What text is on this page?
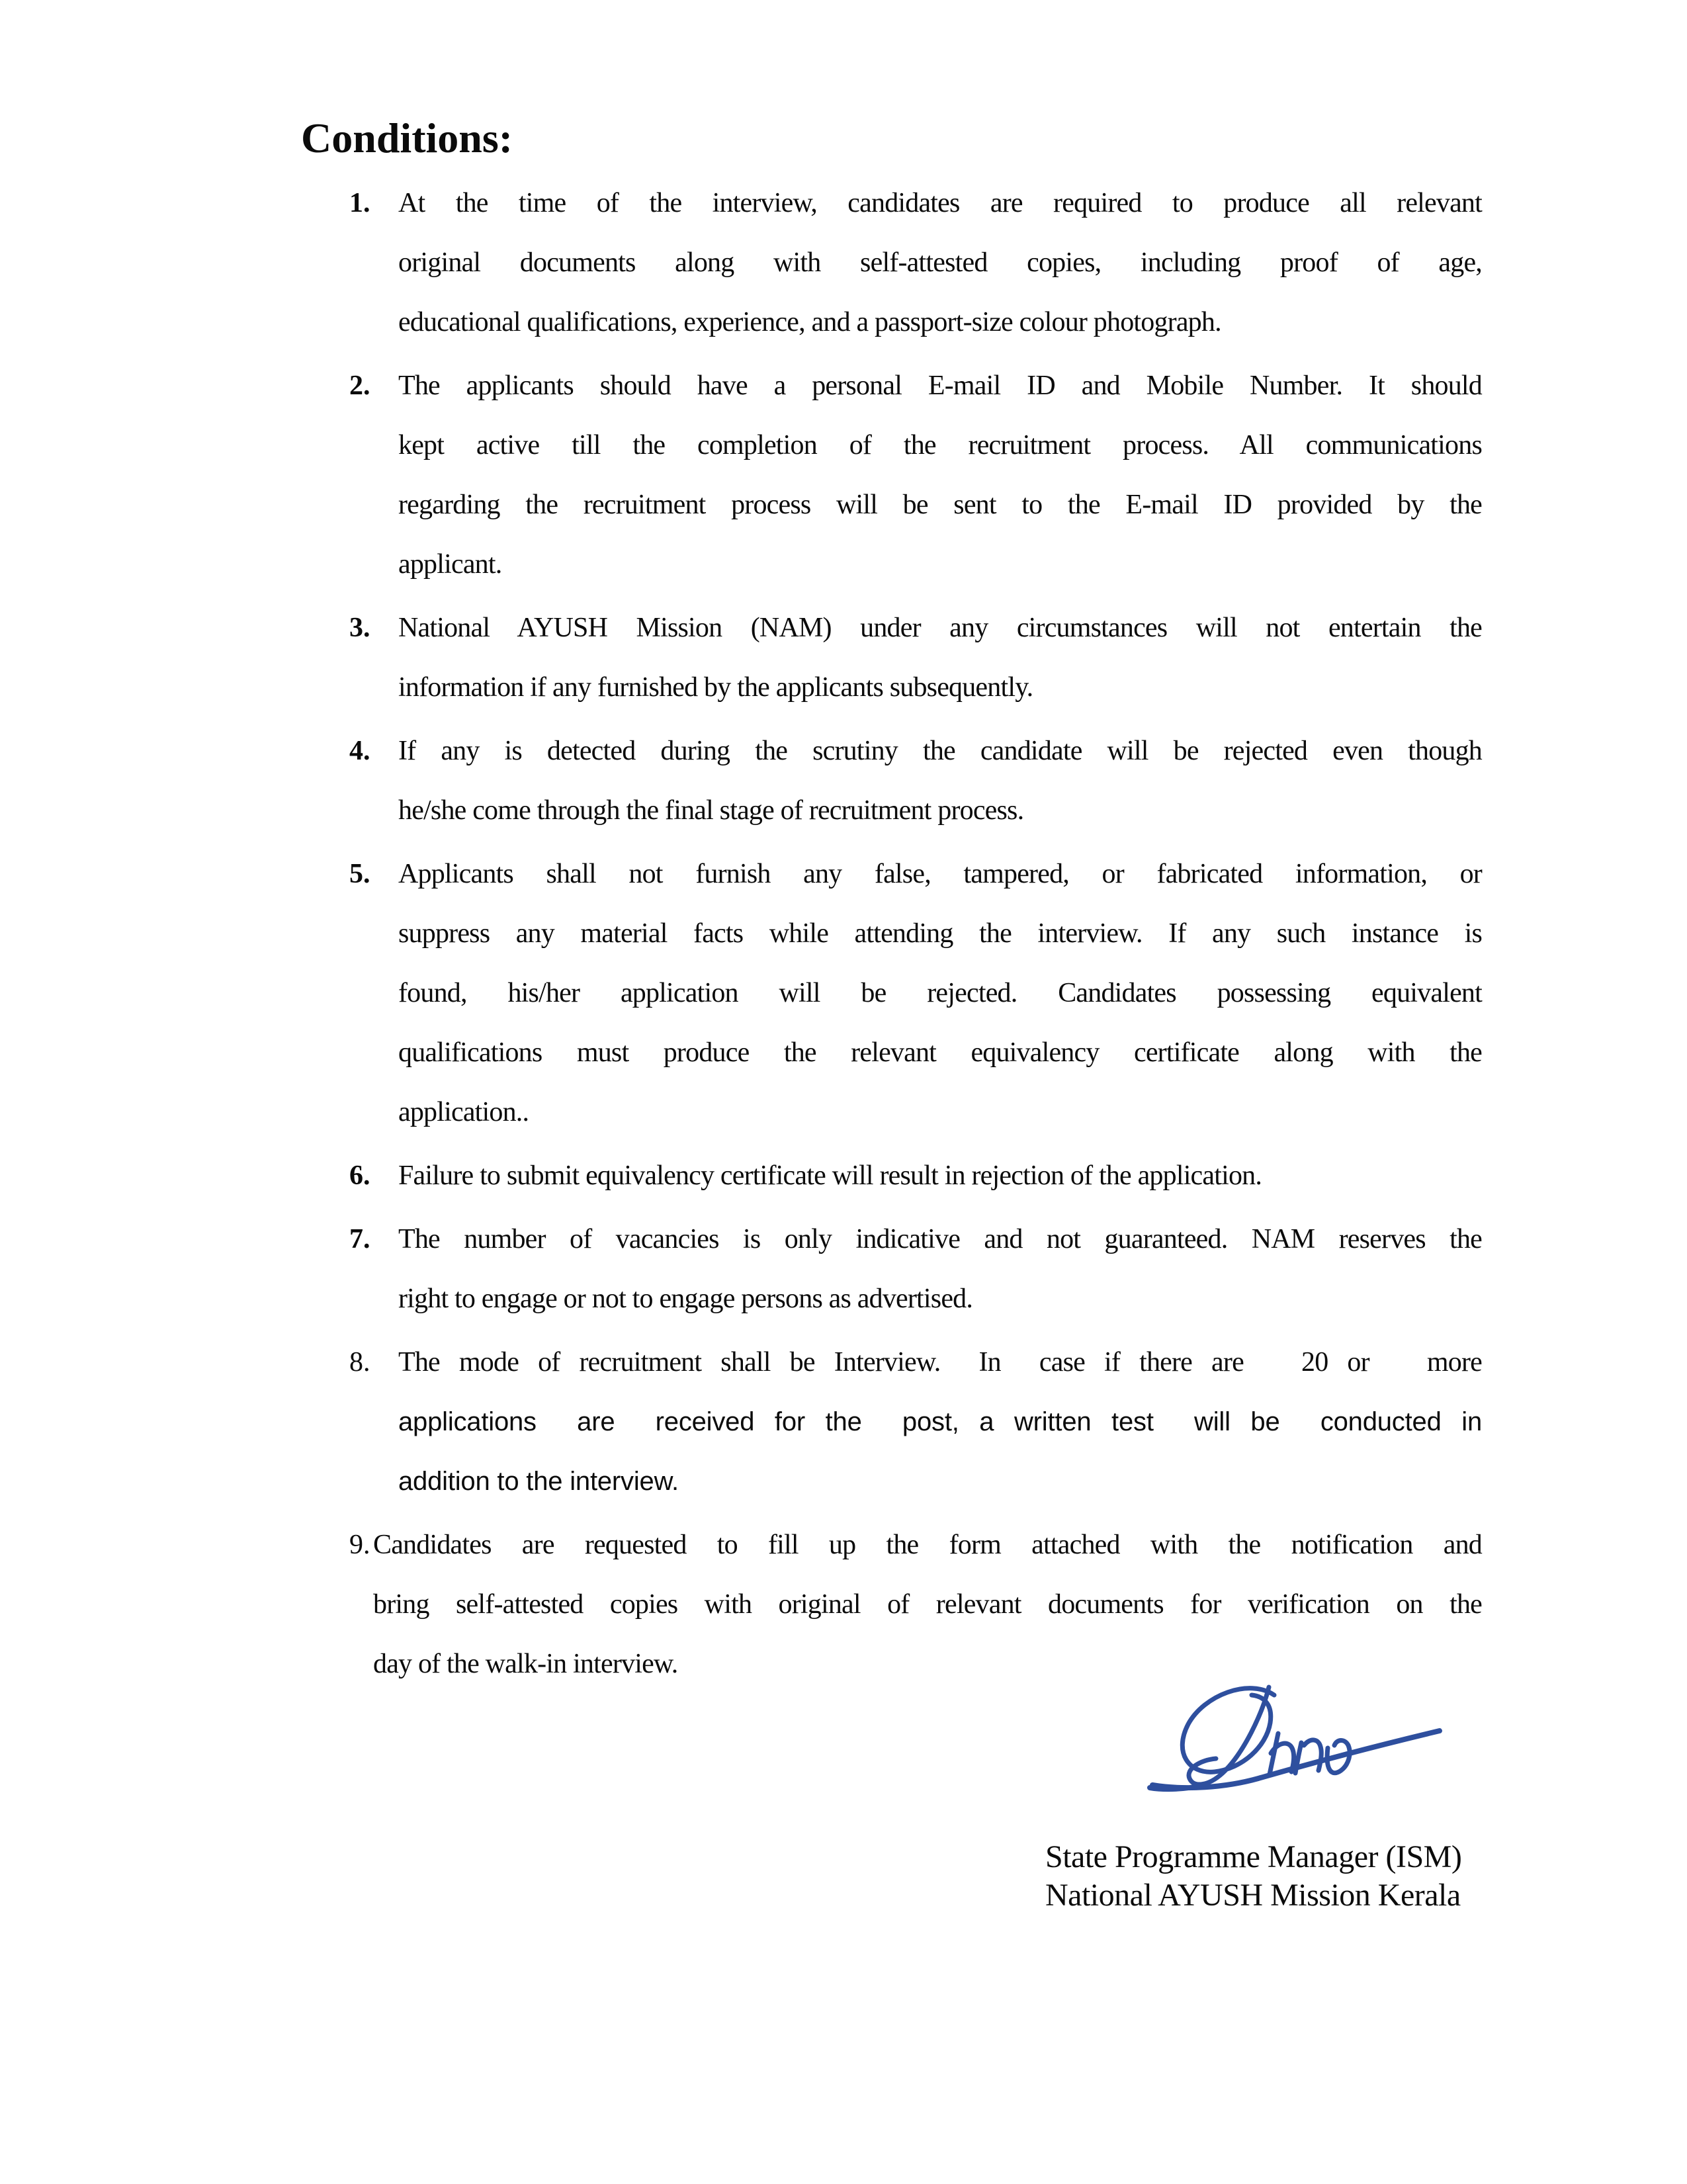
Conditions:
1.	At the time of the interview, candidates are required to produce all relevant
original documents along with self-attested copies, including proof of age,
educational qualifications, experience, and a passport-size colour photograph.
2.	The applicants should have a personal E-mail ID and Mobile Number. It should
kept active till the completion of the recruitment process. All communications
regarding the recruitment process will be sent to the E-mail ID provided by the
applicant.
3.	National AYUSH Mission (NAM) under any circumstances will not entertain the
information if any furnished by the applicants subsequently.
4.	If any is detected during the scrutiny the candidate will be rejected even though
he/she come through the final stage of recruitment process.
5.	Applicants shall not furnish any false, tampered, or fabricated information, or
suppress any material facts while attending the interview. If any such instance is
found, his/her application will be rejected. Candidates possessing equivalent
qualifications must produce the relevant equivalency certificate along with the
application..
6.	Failure to submit equivalency certificate will result in rejection of the application.
7.	The number of vacancies is only indicative and not guaranteed. NAM reserves the
right to engage or not to engage persons as advertised.
8.	The mode of recruitment shall be Interview.  In  case if there are   20 or   more
applications  are  received for the  post, a written test  will be  conducted in
addition to the interview.
9. Candidates are requested to fill up the form attached with the notification and
bring self-attested copies with original of relevant documents for verification on the
day of the walk-in interview.
State Programme Manager (ISM)
National AYUSH Mission Kerala
